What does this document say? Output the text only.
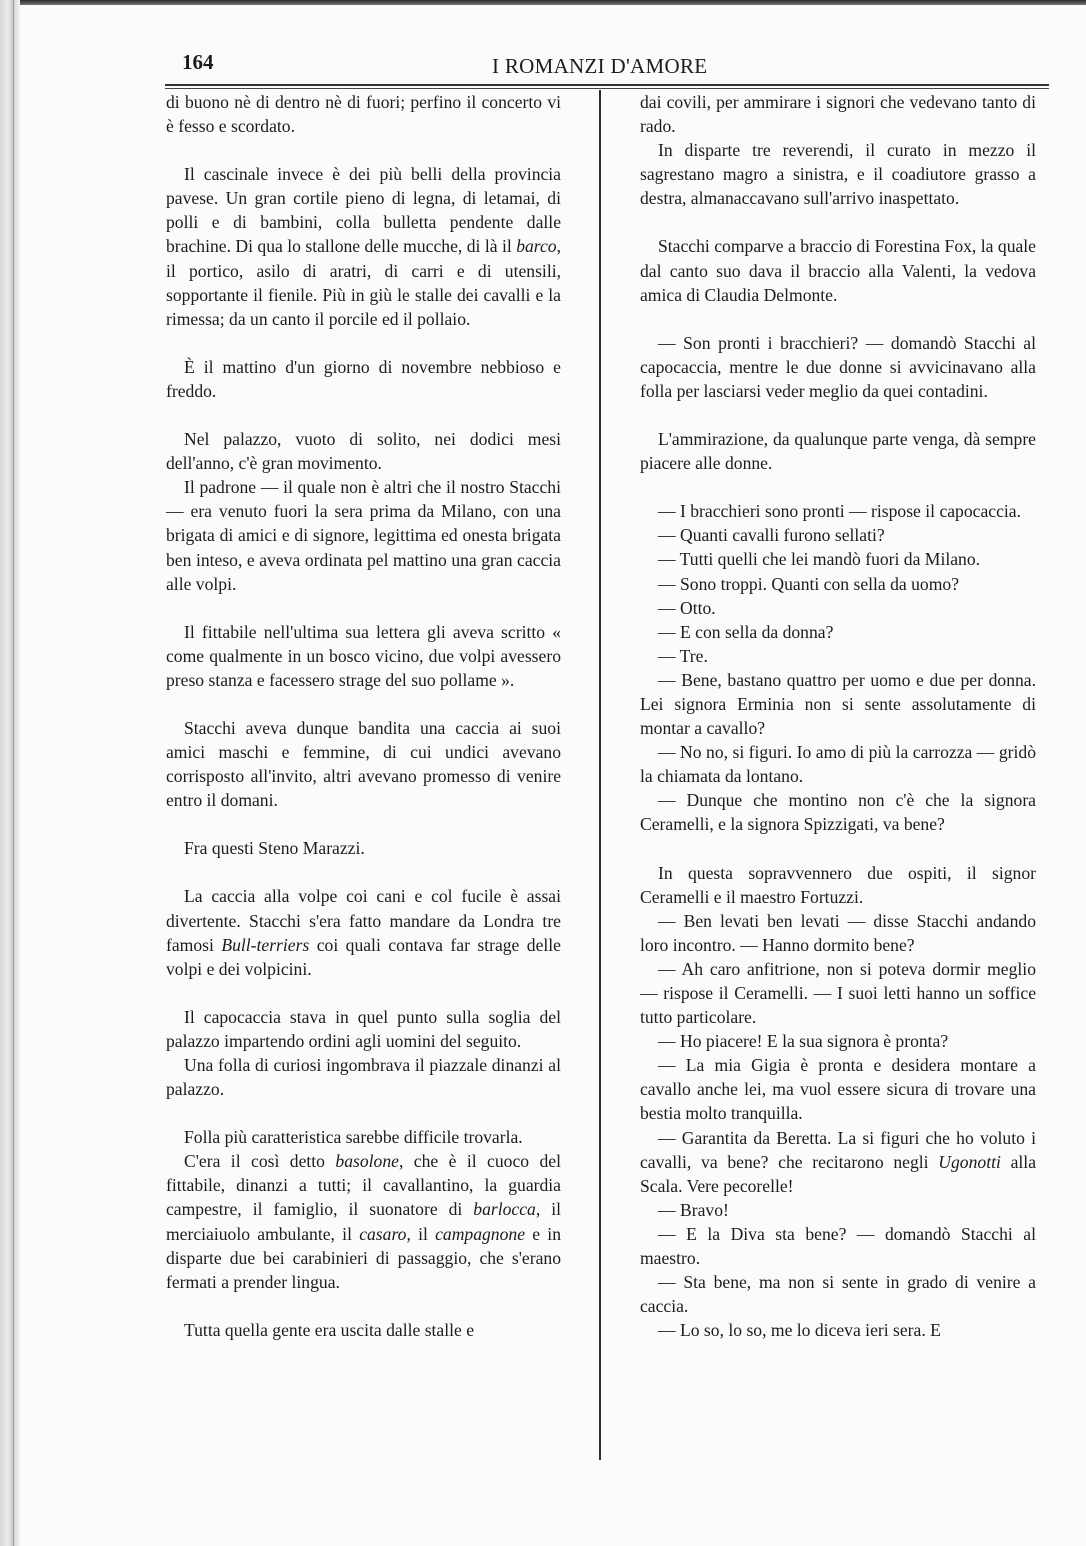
164	I ROMANZI D'AMORE

di buono nè di dentro nè di fuori; perfino il concerto vi è fesso e scordato.

Il cascinale invece è dei più belli della provincia pavese. Un gran cortile pieno di legna, di letamai, di polli e di bambini, colla bulletta pendente dalle brachine. Di qua lo stallone delle mucche, di là il barco, il portico, asilo di aratri, di carri e di utensili, sopportante il fienile. Più in giù le stalle dei cavalli e la rimessa; da un canto il porcile ed il pollaio.

È il mattino d'un giorno di novembre nebbioso e freddo.

Nel palazzo, vuoto di solito, nei dodici mesi dell'anno, c'è gran movimento.

Il padrone — il quale non è altri che il nostro Stacchi — era venuto fuori la sera prima da Milano, con una brigata di amici e di signore, legittima ed onesta brigata ben inteso, e aveva ordinata pel mattino una gran caccia alle volpi.

Il fittabile nell'ultima sua lettera gli aveva scritto « come qualmente in un bosco vicino, due volpi avessero preso stanza e facessero strage del suo pollame ».

Stacchi aveva dunque bandita una caccia ai suoi amici maschi e femmine, di cui undici avevano corrisposto all'invito, altri avevano promesso di venire entro il domani.

Fra questi Steno Marazzi.

La caccia alla volpe coi cani e col fucile è assai divertente. Stacchi s'era fatto mandare da Londra tre famosi Bull-terriers coi quali contava far strage delle volpi e dei volpicini.

Il capocaccia stava in quel punto sulla soglia del palazzo impartendo ordini agli uomini del seguito.

Una folla di curiosi ingombrava il piazzale dinanzi al palazzo.

Folla più caratteristica sarebbe difficile trovarla.

C'era il così detto basolone, che è il cuoco del fittabile, dinanzi a tutti; il cavallantino, la guardia campestre, il famiglio, il suonatore di barlocca, il merciaiuolo ambulante, il casaro, il campagnone e in disparte due bei carabinieri di passaggio, che s'erano fermati a prender lingua.

Tutta quella gente era uscita dalle stalle e

dai covili, per ammirare i signori che vedevano tanto di rado.

In disparte tre reverendi, il curato in mezzo il sagrestano magro a sinistra, e il coadiutore grasso a destra, almanaccavano sull'arrivo inaspettato.

Stacchi comparve a braccio di Forestina Fox, la quale dal canto suo dava il braccio alla Valenti, la vedova amica di Claudia Delmonte.

— Son pronti i bracchieri? — domandò Stacchi al capocaccia, mentre le due donne si avvicinavano alla folla per lasciarsi veder meglio da quei contadini.

L'ammirazione, da qualunque parte venga, dà sempre piacere alle donne.

— I bracchieri sono pronti — rispose il capocaccia.

— Quanti cavalli furono sellati?

— Tutti quelli che lei mandò fuori da Milano.

— Sono troppi. Quanti con sella da uomo?

— Otto.

— E con sella da donna?

— Tre.

— Bene, bastano quattro per uomo e due per donna. Lei signora Erminia non si sente assolutamente di montar a cavallo?

— No no, si figuri. Io amo di più la carrozza — gridò la chiamata da lontano.

— Dunque che montino non c'è che la signora Ceramelli, e la signora Spizzigati, va bene?

In questa sopravvennero due ospiti, il signor Ceramelli e il maestro Fortuzzi.

— Ben levati ben levati — disse Stacchi andando loro incontro. — Hanno dormito bene?

— Ah caro anfitrione, non si poteva dormir meglio — rispose il Ceramelli. — I suoi letti hanno un soffice tutto particolare.

— Ho piacere! E la sua signora è pronta?

— La mia Gigia è pronta e desidera montare a cavallo anche lei, ma vuol essere sicura di trovare una bestia molto tranquilla.

— Garantita da Beretta. La si figuri che ho voluto i cavalli, va bene? che recitarono negli Ugonotti alla Scala. Vere pecorelle!

— Bravo!

— E la Diva sta bene? — domandò Stacchi al maestro.

— Sta bene, ma non si sente in grado di venire a caccia.

— Lo so, lo so, me lo diceva ieri sera. E
